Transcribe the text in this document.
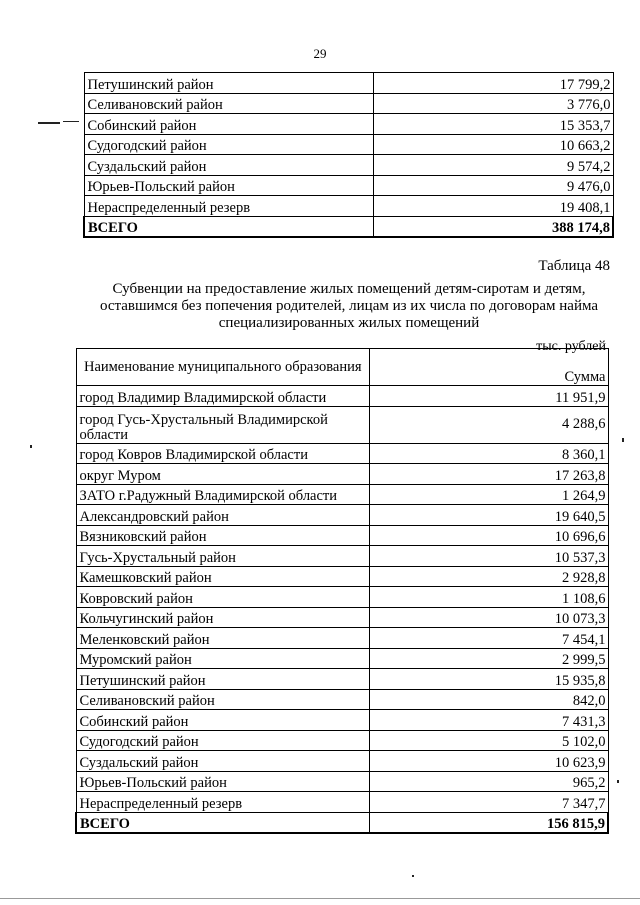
29
Петушинский район	17 799,2
Селивановский район	3 776,0
Собинский район	15 353,7
Судогодский район	10 663,2
Суздальский район	9 574,2
Юрьев-Польский район	9 476,0
Нераспределенный резерв	19 408,1
ВСЕГО	388 174,8
Таблица 48
Субвенции на предоставление жилых помещений детям-сиротам и детям, оставшимся без попечения родителей, лицам из их числа по договорам найма специализированных жилых помещений
тыс. рублей
Наименование муниципального образования	Сумма
город Владимир Владимирской области	11 951,9
город Гусь-Хрустальный Владимирской области	4 288,6
город Ковров Владимирской области	8 360,1
округ Муром	17 263,8
ЗАТО г.Радужный Владимирской области	1 264,9
Александровский район	19 640,5
Вязниковский район	10 696,6
Гусь-Хрустальный район	10 537,3
Камешковский район	2 928,8
Ковровский район	1 108,6
Кольчугинский район	10 073,3
Меленковский район	7 454,1
Муромский район	2 999,5
Петушинский район	15 935,8
Селивановский район	842,0
Собинский район	7 431,3
Судогодский район	5 102,0
Суздальский район	10 623,9
Юрьев-Польский район	965,2
Нераспределенный резерв	7 347,7
ВСЕГО	156 815,9
